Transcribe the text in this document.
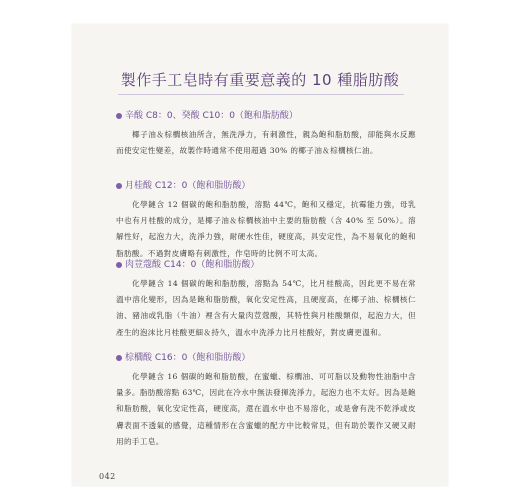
製作手工皂時有重要意義的 10 種脂肪酸
辛酸 C8：0、癸酸 C10：0（飽和脂肪酸）
椰子油＆棕櫚核油所含，無洗淨力，有刺激性，親為飽和脂肪酸，卻能與水反應而使安定性變差，故製作時通常不使用超過 30% 的椰子油＆棕櫚核仁油。
月桂酸 C12：0（飽和脂肪酸）
化學鏈含 12 個碳的飽和脂肪酸，溶點 44℃，飽和又穩定，抗霉能力強，母乳中也有月桂酸的成分，是椰子油＆棕櫚核油中主要的脂肪酸（含 40% 至 50%）。溶解性好，起泡力大，洗淨力強，耐硬水性佳，硬度高，具安定性，為不易氧化的飽和脂肪酸。不過對皮膚略有刺激性，作皂時的比例不可太高。
肉荳蔻酸 C14：0（飽和脂肪酸）
化學鏈含 14 個碳的飽和脂肪酸，溶點為 54℃，比月桂酸高，因此更不易在常溫中溶化變形，因為是飽和脂肪酸，氧化安定性高，且硬度高，在椰子油、棕櫚核仁油、豬油或乳脂（牛油）裡含有大量肉荳蔻酸，其特性與月桂酸類似，起泡力大，但產生的泡沫比月桂酸更細＆持久，溫水中洗淨力比月桂酸好，對皮膚更溫和。
棕櫚酸 C16：0（飽和脂肪酸）
化學鏈含 16 個碳的飽和脂肪酸，在蜜蠟、棕櫚油、可可脂以及動物性油脂中含量多。脂肪酸溶點 63℃，因此在冷水中無法發揮洗淨力，起泡力也不太好。因為是飽和脂肪酸，氧化安定性高，硬度高，還在溫水中也不易溶化，或是會有洗不乾淨或皮膚表面不透氣的感覺，這種情形在含蜜蠟的配方中比較常見，但有助於製作又硬又耐用的手工皂。
042
